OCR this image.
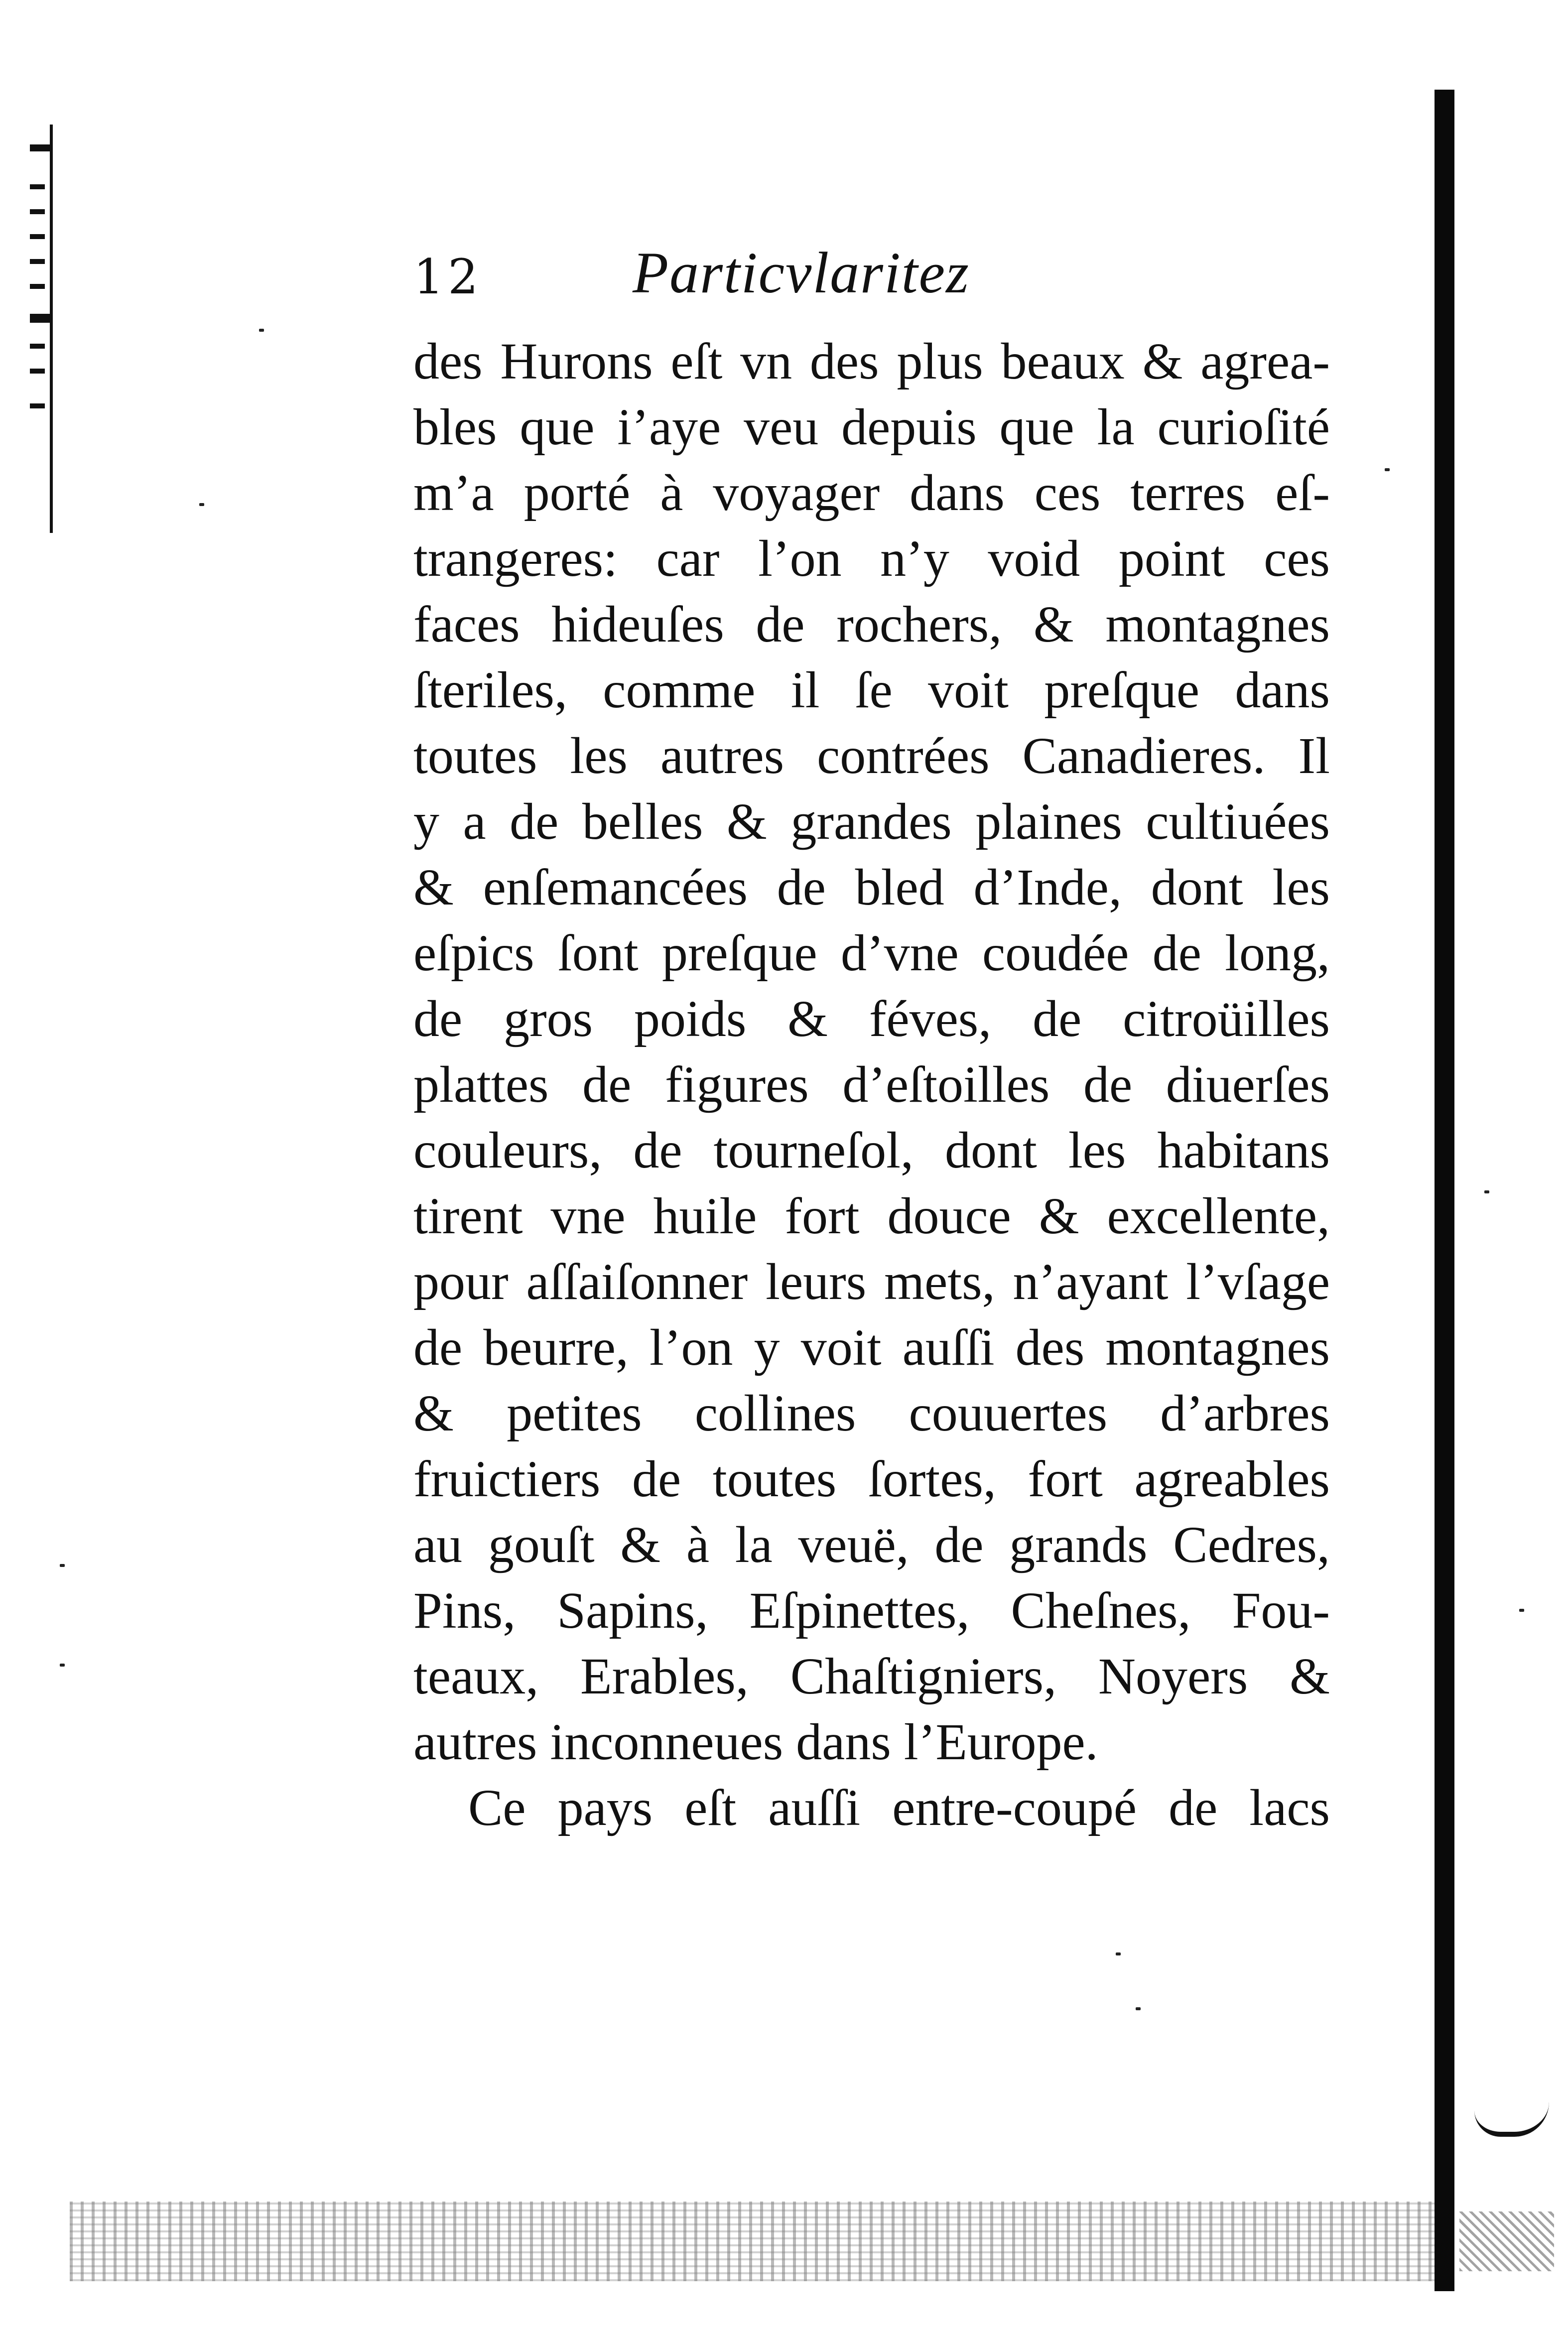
12	Particvlaritez
des Hurons eſt vn des plus beaux & agrea-
bles que i’aye veu depuis que la curioſité
m’a porté à voyager dans ces terres eſ-
trangeres: car l’on n’y void point ces
faces hideuſes de rochers, & montagnes
ſteriles, comme il ſe voit preſque dans
toutes les autres contrées Canadieres. Il
y a de belles & grandes plaines cultiuées
& enſemancées de bled d’Inde, dont les
eſpics ſont preſque d’vne coudée de long,
de gros poids & féves, de citroüilles
plattes de figures d’eſtoilles de diuerſes
couleurs, de tourneſol, dont les habitans
tirent vne huile fort douce & excellente,
pour aſſaiſonner leurs mets, n’ayant l’vſage
de beurre, l’on y voit auſſi des montagnes
& petites collines couuertes d’arbres
fruictiers de toutes ſortes, fort agreables
au gouſt & à la veuë, de grands Cedres,
Pins, Sapins, Eſpinettes, Cheſnes, Fou-
teaux, Erables, Chaſtigniers, Noyers &
autres inconneues dans l’Europe.
Ce pays eſt auſſi entre-coupé de lacs
